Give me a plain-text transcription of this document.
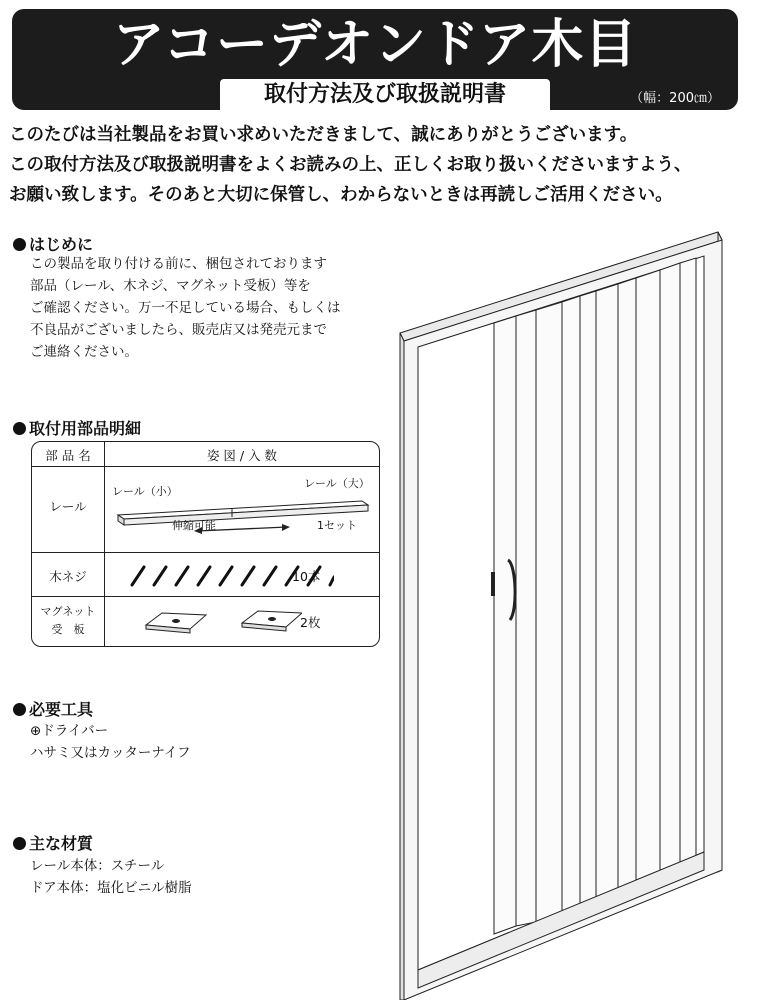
アコーデオンドア木目
取付方法及び取扱説明書	（幅：200㎝）
このたびは当社製品をお買い求めいただきまして、誠にありがとうございます。
この取付方法及び取扱説明書をよくお読みの上、正しくお取り扱いくださいますよう、
お願い致します。そのあと大切に保管し、わからないときは再読しご活用ください。
はじめに
この製品を取り付ける前に、梱包されております
部品（レール、木ネジ、マグネット受板）等を
ご確認ください。万一不足している場合、もしくは
不良品がございましたら、販売店又は発売元まで
ご連絡ください。
取付用部品明細
部 品 名	姿 図 / 入 数
レール
レール（小）
レール（大）
伸縮可能	1セット
木ネジ	10本
マグネット
受　板	2枚
必要工具
⊕ドライバー
ハサミ又はカッターナイフ
主な材質
レール本体：スチール
ドア本体：塩化ビニル樹脂
